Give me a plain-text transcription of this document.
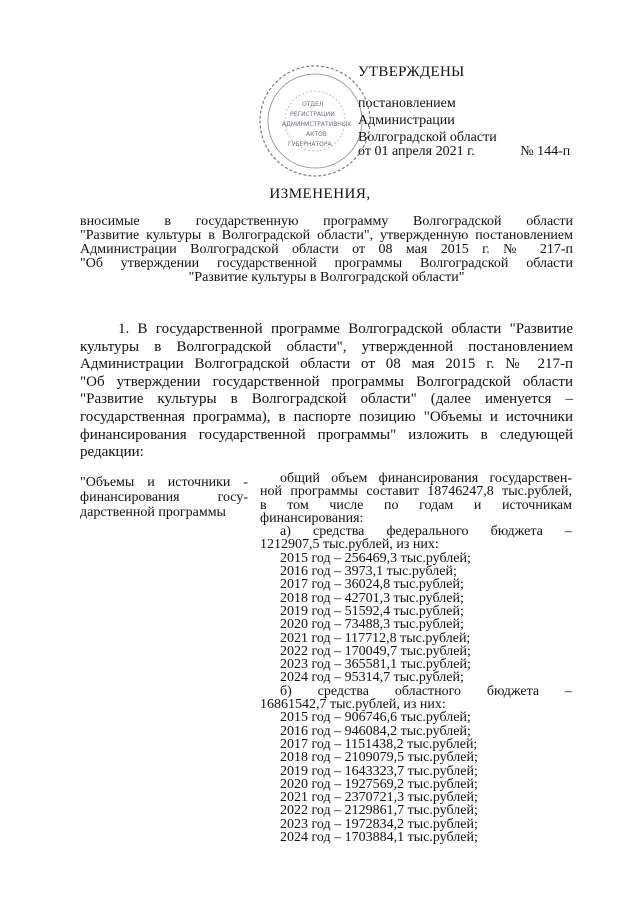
ОТДЕЛ
РЕГИСТРАЦИИ
АДМИНИСТРАТИВНЫХ
АКТОВ
ГУБЕРНАТОРА
УТВЕРЖДЕНЫ
постановлением
Администрации
Волгоградской области
от 01 апреля 2021 г.	№ 144-п
ИЗМЕНЕНИЯ,
вносимые в государственную программу Волгоградской области
"Развитие культуры в Волгоградской области", утвержденную постановлением
Администрации Волгоградской области от 08 мая 2015 г. № 217-п
"Об утверждении государственной программы Волгоградской области
"Развитие культуры в Волгоградской области"
1. В государственной программе Волгоградской области "Развитие
культуры в Волгоградской области", утвержденной постановлением
Администрации Волгоградской области от 08 мая 2015 г. № 217-п
"Об утверждении государственной программы Волгоградской области
"Развитие культуры в Волгоградской области" (далее именуется –
государственная программа), в паспорте позицию "Объемы и источники
финансирования государственной программы" изложить в следующей
редакции:
"Объемы и источники -
финансирования госу-
дарственной программы
общий объем финансирования государствен-
ной программы составит 18746247,8 тыс.рублей,
в том числе по годам и источникам
финансирования:
а) средства федерального бюджета –
1212907,5 тыс.рублей, из них:
2015 год – 256469,3 тыс.рублей;
2016 год – 3973,1 тыс.рублей;
2017 год – 36024,8 тыс.рублей;
2018 год – 42701,3 тыс.рублей;
2019 год – 51592,4 тыс.рублей;
2020 год – 73488,3 тыс.рублей;
2021 год – 117712,8 тыс.рублей;
2022 год – 170049,7 тыс.рублей;
2023 год – 365581,1 тыс.рублей;
2024 год – 95314,7 тыс.рублей;
б) средства областного бюджета –
16861542,7 тыс.рублей, из них:
2015 год – 906746,6 тыс.рублей;
2016 год – 946084,2 тыс.рублей;
2017 год – 1151438,2 тыс.рублей;
2018 год – 2109079,5 тыс.рублей;
2019 год – 1643323,7 тыс.рублей;
2020 год – 1927569,2 тыс.рублей;
2021 год – 2370721,3 тыс.рублей;
2022 год – 2129861,7 тыс.рублей;
2023 год – 1972834,2 тыс.рублей;
2024 год – 1703884,1 тыс.рублей;
